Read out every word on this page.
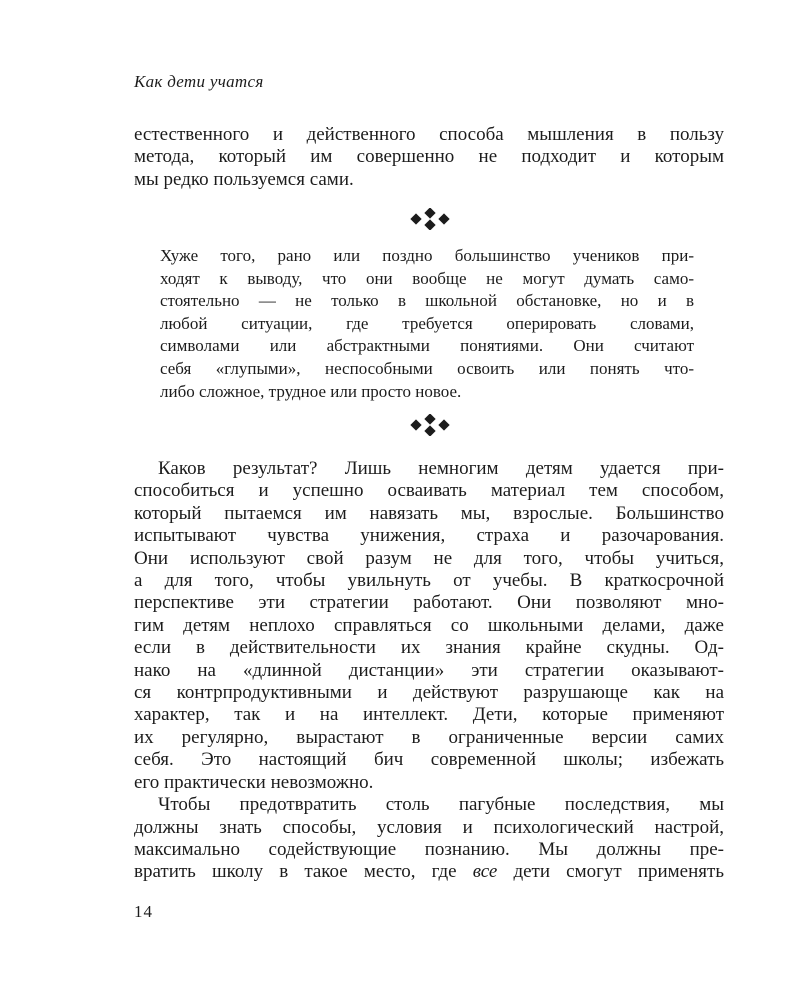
Как дети учатся

естественного и действенного способа мышления в пользу
метода, который им совершенно не подходит и которым
мы редко пользуемся сами.

Хуже того, рано или поздно большинство учеников при-
ходят к выводу, что они вообще не могут думать само-
стоятельно — не только в школьной обстановке, но и в
любой ситуации, где требуется оперировать словами,
символами или абстрактными понятиями. Они считают
себя «глупыми», неспособными освоить или понять что-
либо сложное, трудное или просто новое.

Каков результат? Лишь немногим детям удается при-
способиться и успешно осваивать материал тем способом,
который пытаемся им навязать мы, взрослые. Большинство
испытывают чувства унижения, страха и разочарования.
Они используют свой разум не для того, чтобы учиться,
а для того, чтобы увильнуть от учебы. В краткосрочной
перспективе эти стратегии работают. Они позволяют мно-
гим детям неплохо справляться со школьными делами, даже
если в действительности их знания крайне скудны. Од-
нако на «длинной дистанции» эти стратегии оказывают-
ся контрпродуктивными и действуют разрушающе как на
характер, так и на интеллект. Дети, которые применяют
их регулярно, вырастают в ограниченные версии самих
себя. Это настоящий бич современной школы; избежать
его практически невозможно.

Чтобы предотвратить столь пагубные последствия, мы
должны знать способы, условия и психологический настрой,
максимально содействующие познанию. Мы должны пре-
вратить школу в такое место, где все дети смогут применять

14
